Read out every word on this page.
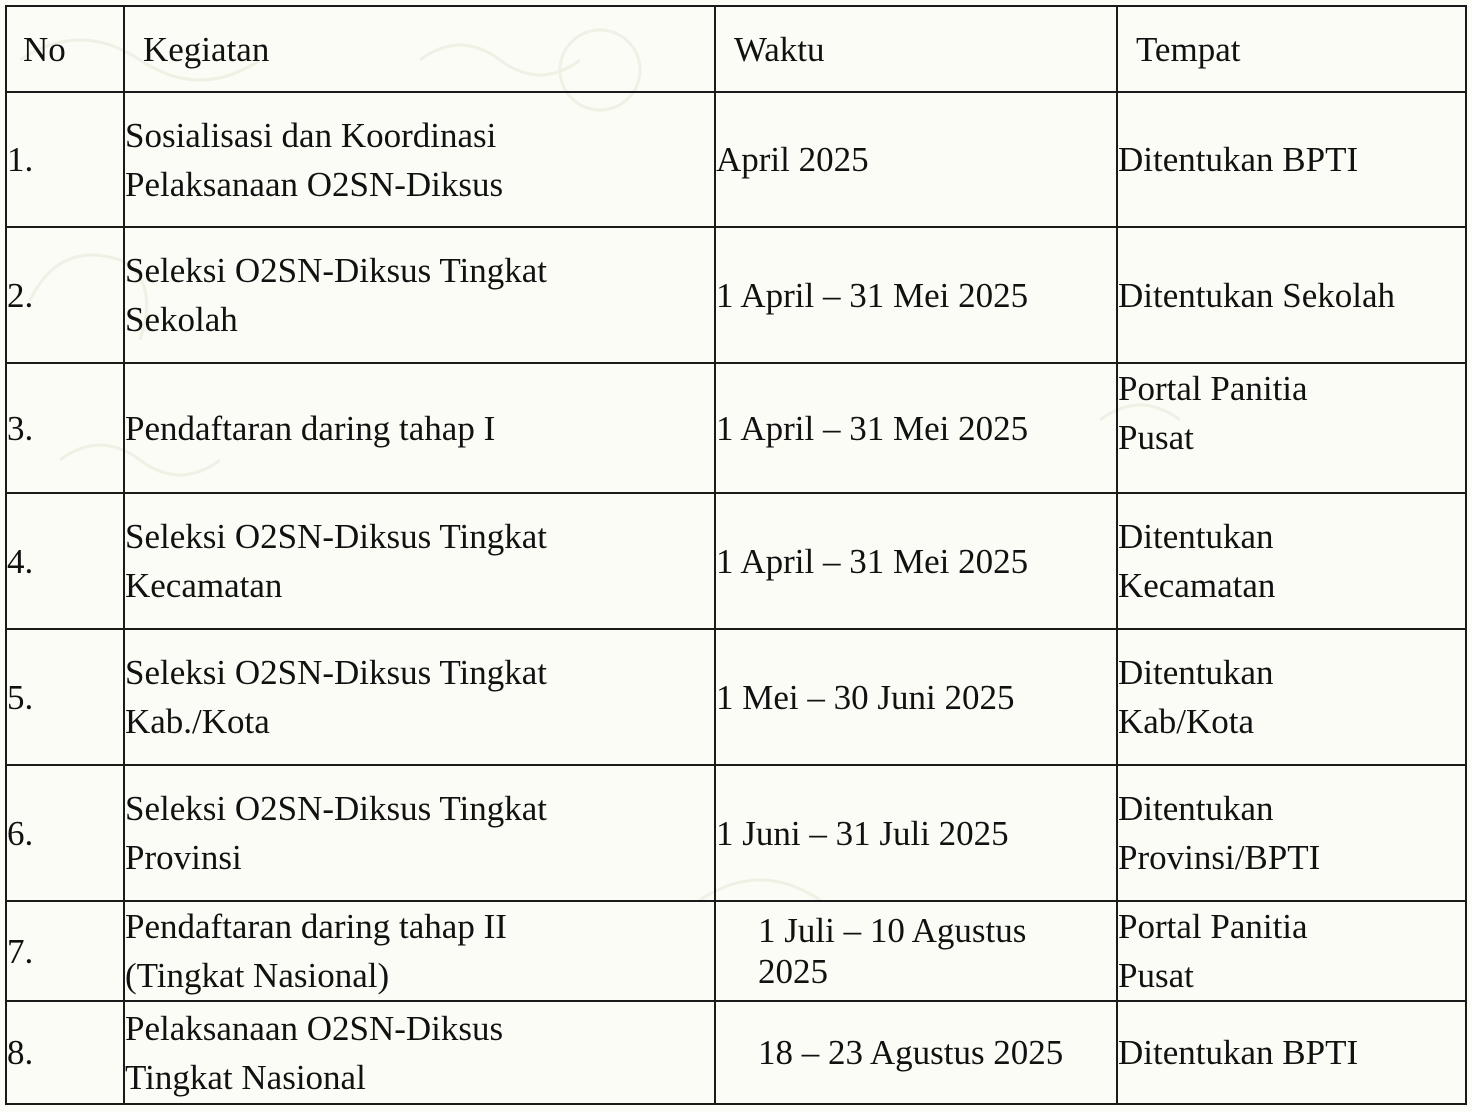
No	Kegiatan	Waktu	Tempat
1.	Sosialisasi dan Koordinasi
Pelaksanaan O2SN-Diksus	April 2025	Ditentukan BPTI

2.	Seleksi O2SN-Diksus Tingkat
Sekolah	1 April – 31 Mei 2025	Ditentukan Sekolah

3.	Pendaftaran daring tahap I	1 April – 31 Mei 2025	Portal Panitia
Pusat

4.	Seleksi O2SN-Diksus Tingkat
Kecamatan	1 April – 31 Mei 2025	Ditentukan
Kecamatan

5.	Seleksi O2SN-Diksus Tingkat
Kab./Kota	1 Mei – 30 Juni 2025	Ditentukan
Kab/Kota

6.	Seleksi O2SN-Diksus Tingkat
Provinsi	1 Juni – 31 Juli 2025	Ditentukan
Provinsi/BPTI

7.	Pendaftaran daring tahap II
(Tingkat Nasional)	1 Juli – 10 Agustus
2025	Portal Panitia
Pusat

8.	Pelaksanaan O2SN-Diksus
Tingkat Nasional	18 – 23 Agustus 2025	Ditentukan BPTI
